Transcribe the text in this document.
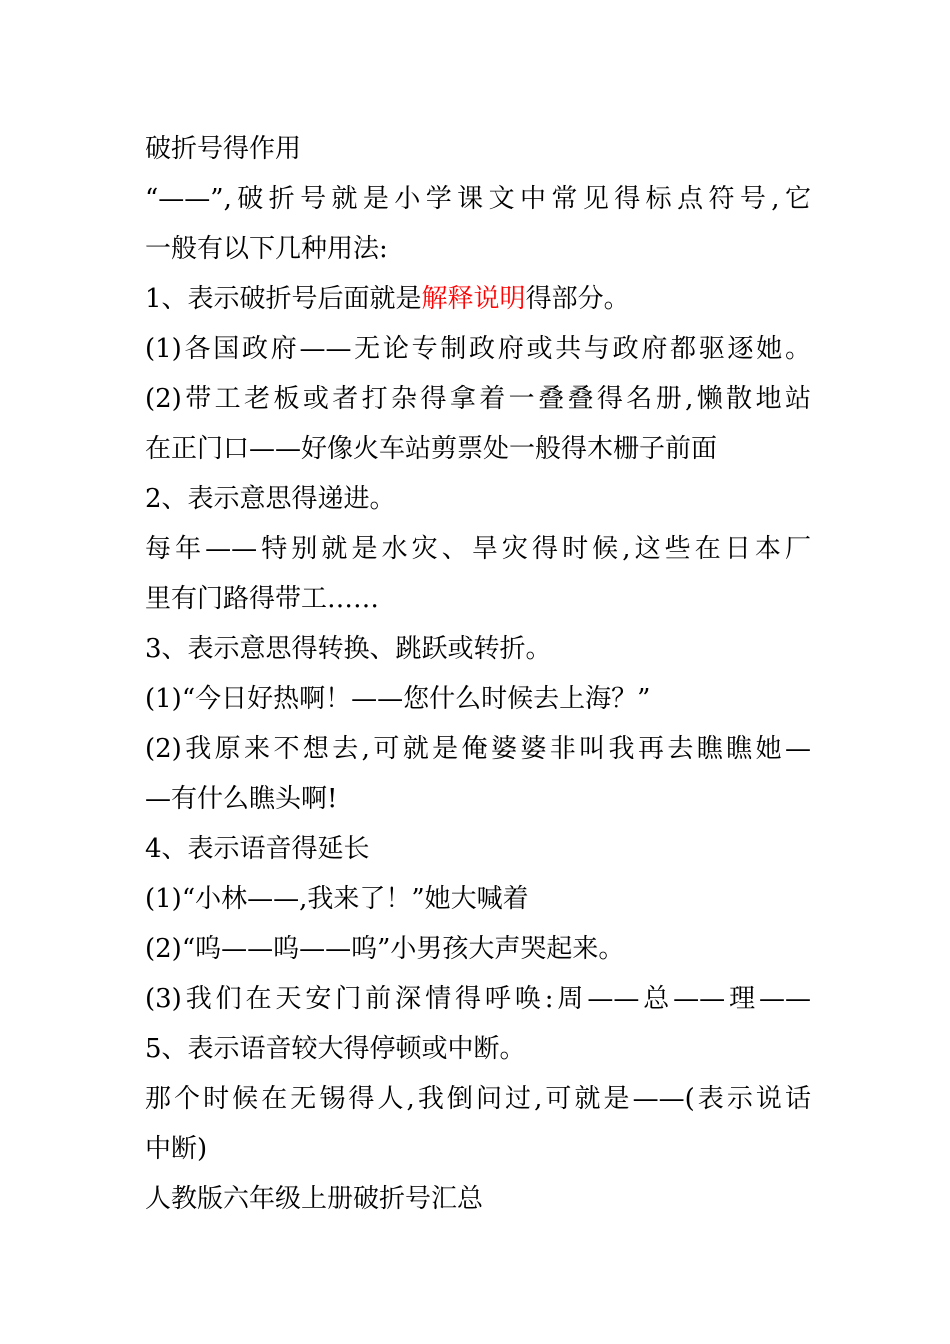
破折号得作用
“——”,破折号就是小学课文中常见得标点符号,它
一般有以下几种用法:
1、表示破折号后面就是解释说明得部分。
(1)各国政府——无论专制政府或共与政府都驱逐她。
(2)带工老板或者打杂得拿着一叠叠得名册,懒散地站
在正门口——好像火车站剪票处一般得木栅子前面
2、表示意思得递进。
每年——特别就是水灾、旱灾得时候,这些在日本厂
里有门路得带工……
3、表示意思得转换、跳跃或转折。
(1)“今日好热啊！——您什么时候去上海？”
(2)我原来不想去,可就是俺婆婆非叫我再去瞧瞧她—
—有什么瞧头啊!
4、表示语音得延长
(1)“小林——,我来了！”她大喊着
(2)“呜——呜——呜”小男孩大声哭起来。
(3)我们在天安门前深情得呼唤:周——总——理——
5、表示语音较大得停顿或中断。
那个时候在无锡得人,我倒问过,可就是——(表示说话
中断)
人教版六年级上册破折号汇总
